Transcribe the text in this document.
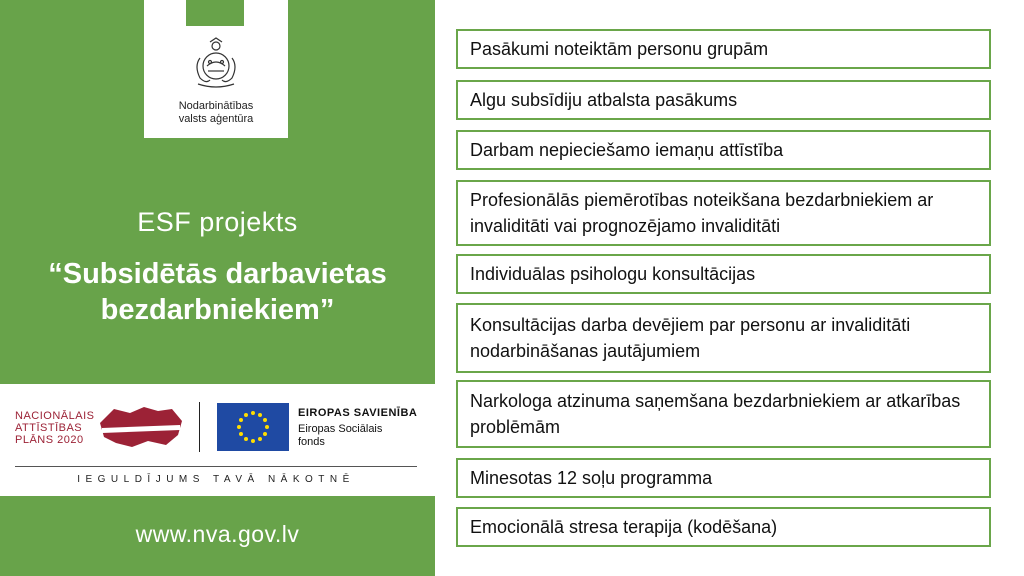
Nodarbinātības
valsts aģentūra
ESF projekts
“Subsidētās darbavietas bezdarbniekiem”
NACIONĀLAIS
ATTĪSTĪBAS
PLĀNS 2020
EIROPAS SAVIENĪBA
Eiropas Sociālais
fonds
IEGULDĪJUMS TAVĀ NĀKOTNĒ
www.nva.gov.lv
Pasākumi noteiktām personu grupām
Algu subsīdiju atbalsta pasākums
Darbam nepieciešamo iemaņu attīstība
Profesionālās piemērotības noteikšana bezdarbniekiem ar invaliditāti vai prognozējamo invaliditāti
Individuālas psihologu konsultācijas
Konsultācijas darba devējiem par personu ar invaliditāti nodarbināšanas jautājumiem
Narkologa atzinuma saņemšana bezdarbniekiem ar atkarības problēmām
Minesotas 12 soļu programma
Emocionālā stresa terapija (kodēšana)
